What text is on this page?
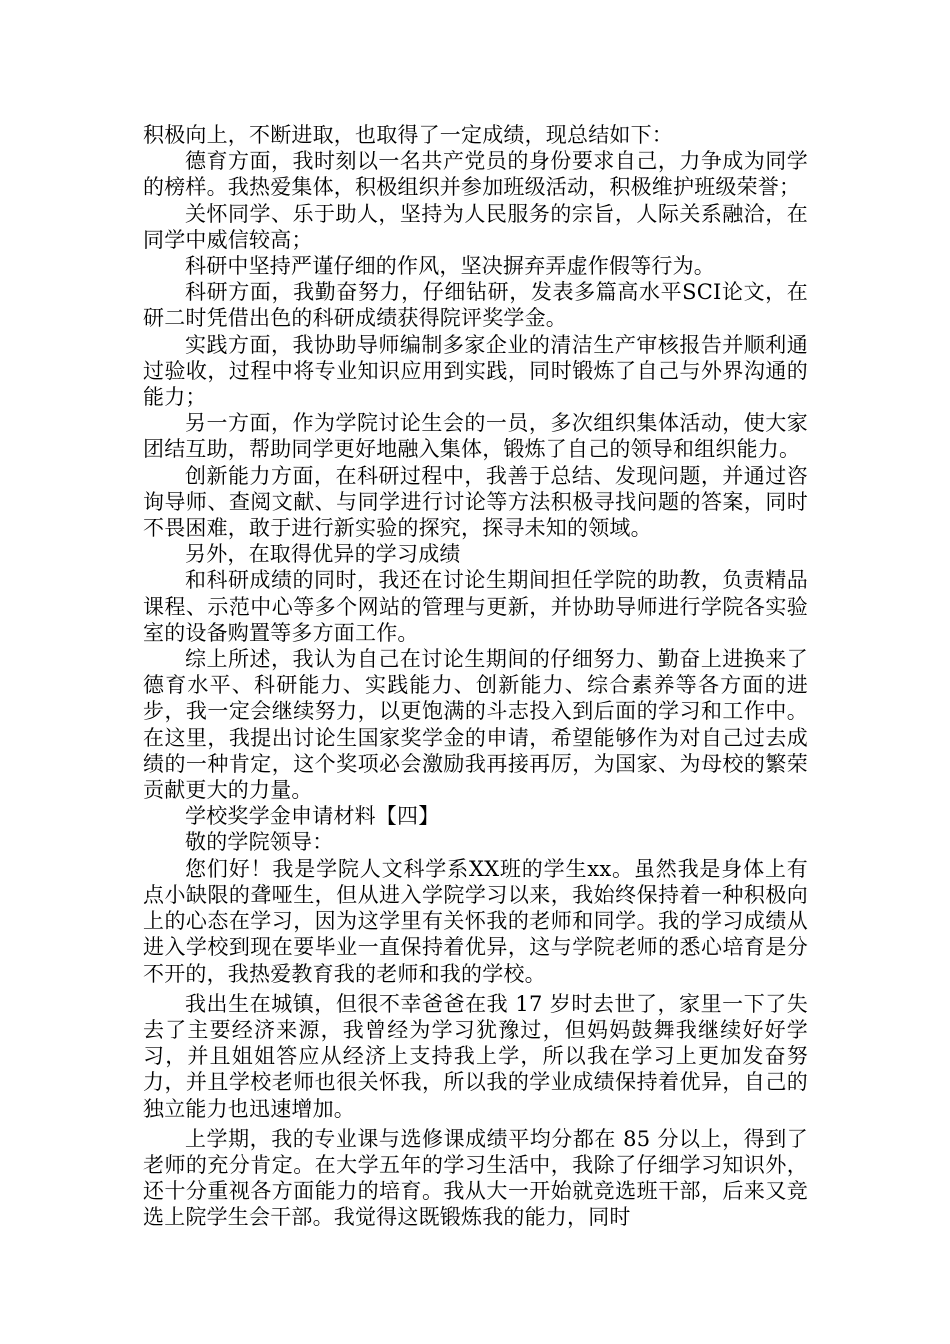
积极向上，不断进取，也取得了一定成绩，现总结如下：

德育方面，我时刻以一名共产党员的身份要求自己，力争成为同学的榜样。我热爱集体，积极组织并参加班级活动，积极维护班级荣誉；

关怀同学、乐于助人，坚持为人民服务的宗旨，人际关系融洽，在同学中威信较高；

科研中坚持严谨仔细的作风，坚决摒弃弄虚作假等行为。

科研方面，我勤奋努力，仔细钻研，发表多篇高水平SCI论文，在研二时凭借出色的科研成绩获得院评奖学金。

实践方面，我协助导师编制多家企业的清洁生产审核报告并顺利通过验收，过程中将专业知识应用到实践，同时锻炼了自己与外界沟通的能力；

另一方面，作为学院讨论生会的一员，多次组织集体活动，使大家团结互助，帮助同学更好地融入集体，锻炼了自己的领导和组织能力。

创新能力方面，在科研过程中，我善于总结、发现问题，并通过咨询导师、查阅文献、与同学进行讨论等方法积极寻找问题的答案，同时不畏困难，敢于进行新实验的探究，探寻未知的领域。

另外，在取得优异的学习成绩

和科研成绩的同时，我还在讨论生期间担任学院的助教，负责精品课程、示范中心等多个网站的管理与更新，并协助导师进行学院各实验室的设备购置等多方面工作。

综上所述，我认为自己在讨论生期间的仔细努力、勤奋上进换来了德育水平、科研能力、实践能力、创新能力、综合素养等各方面的进步，我一定会继续努力，以更饱满的斗志投入到后面的学习和工作中。在这里，我提出讨论生国家奖学金的申请，希望能够作为对自己过去成绩的一种肯定，这个奖项必会激励我再接再厉，为国家、为母校的繁荣贡献更大的力量。

学校奖学金申请材料【四】

敬的学院领导：

您们好！我是学院人文科学系XX班的学生xx。虽然我是身体上有点小缺限的聋哑生，但从进入学院学习以来，我始终保持着一种积极向上的心态在学习，因为这学里有关怀我的老师和同学。我的学习成绩从进入学校到现在要毕业一直保持着优异，这与学院老师的悉心培育是分不开的，我热爱教育我的老师和我的学校。

我出生在城镇，但很不幸爸爸在我 17 岁时去世了，家里一下了失去了主要经济来源，我曾经为学习犹豫过，但妈妈鼓舞我继续好好学习，并且姐姐答应从经济上支持我上学，所以我在学习上更加发奋努力，并且学校老师也很关怀我，所以我的学业成绩保持着优异，自己的独立能力也迅速增加。

上学期，我的专业课与选修课成绩平均分都在 85 分以上，得到了老师的充分肯定。在大学五年的学习生活中，我除了仔细学习知识外，还十分重视各方面能力的培育。我从大一开始就竞选班干部，后来又竞选上院学生会干部。我觉得这既锻炼我的能力，同时
